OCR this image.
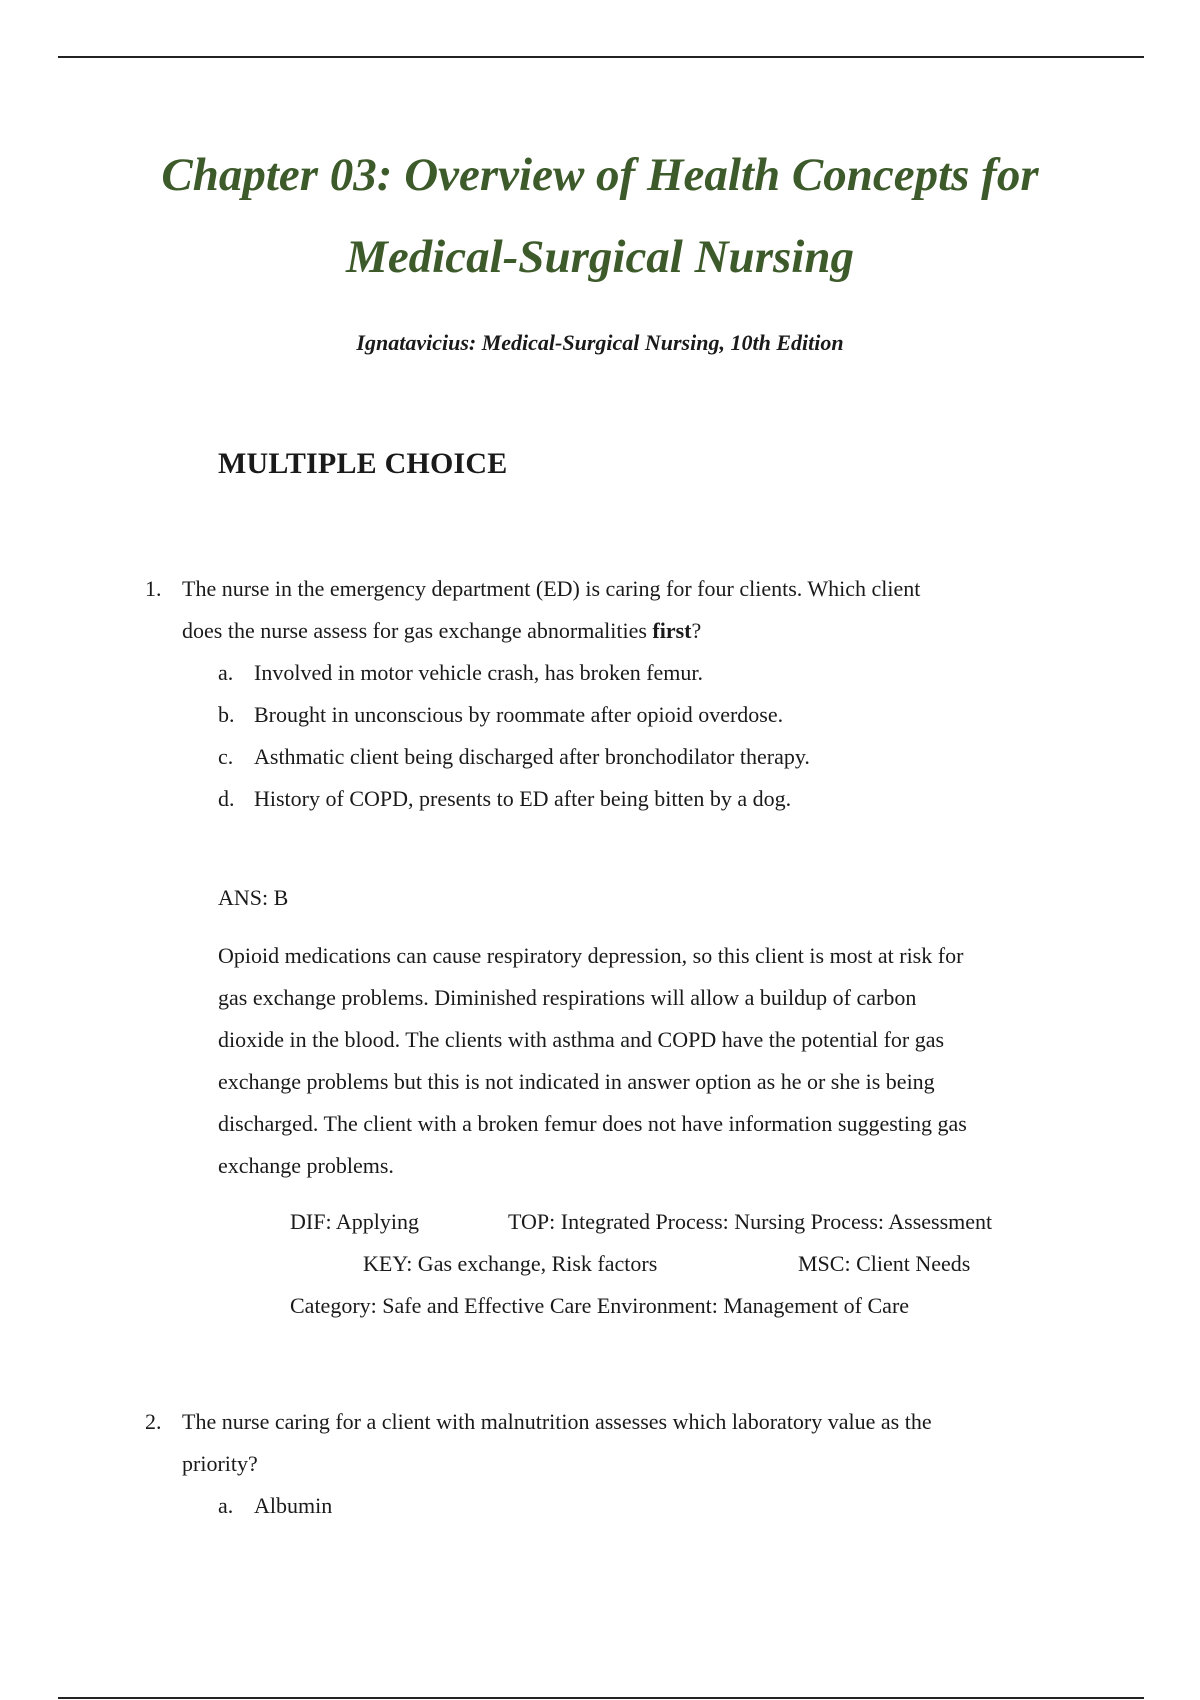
Chapter 03: Overview of Health Concepts for
Medical-Surgical Nursing
Ignatavicius: Medical-Surgical Nursing, 10th Edition
MULTIPLE CHOICE
1. The nurse in the emergency department (ED) is caring for four clients. Which client
does the nurse assess for gas exchange abnormalities first?
a. Involved in motor vehicle crash, has broken femur.
b. Brought in unconscious by roommate after opioid overdose.
c. Asthmatic client being discharged after bronchodilator therapy.
d. History of COPD, presents to ED after being bitten by a dog.
ANS: B
Opioid medications can cause respiratory depression, so this client is most at risk for
gas exchange problems. Diminished respirations will allow a buildup of carbon
dioxide in the blood. The clients with asthma and COPD have the potential for gas
exchange problems but this is not indicated in answer option as he or she is being
discharged. The client with a broken femur does not have information suggesting gas
exchange problems.
DIF: Applying	TOP: Integrated Process: Nursing Process: Assessment
KEY: Gas exchange, Risk factors	MSC: Client Needs
Category: Safe and Effective Care Environment: Management of Care
2. The nurse caring for a client with malnutrition assesses which laboratory value as the
priority?
a. Albumin
